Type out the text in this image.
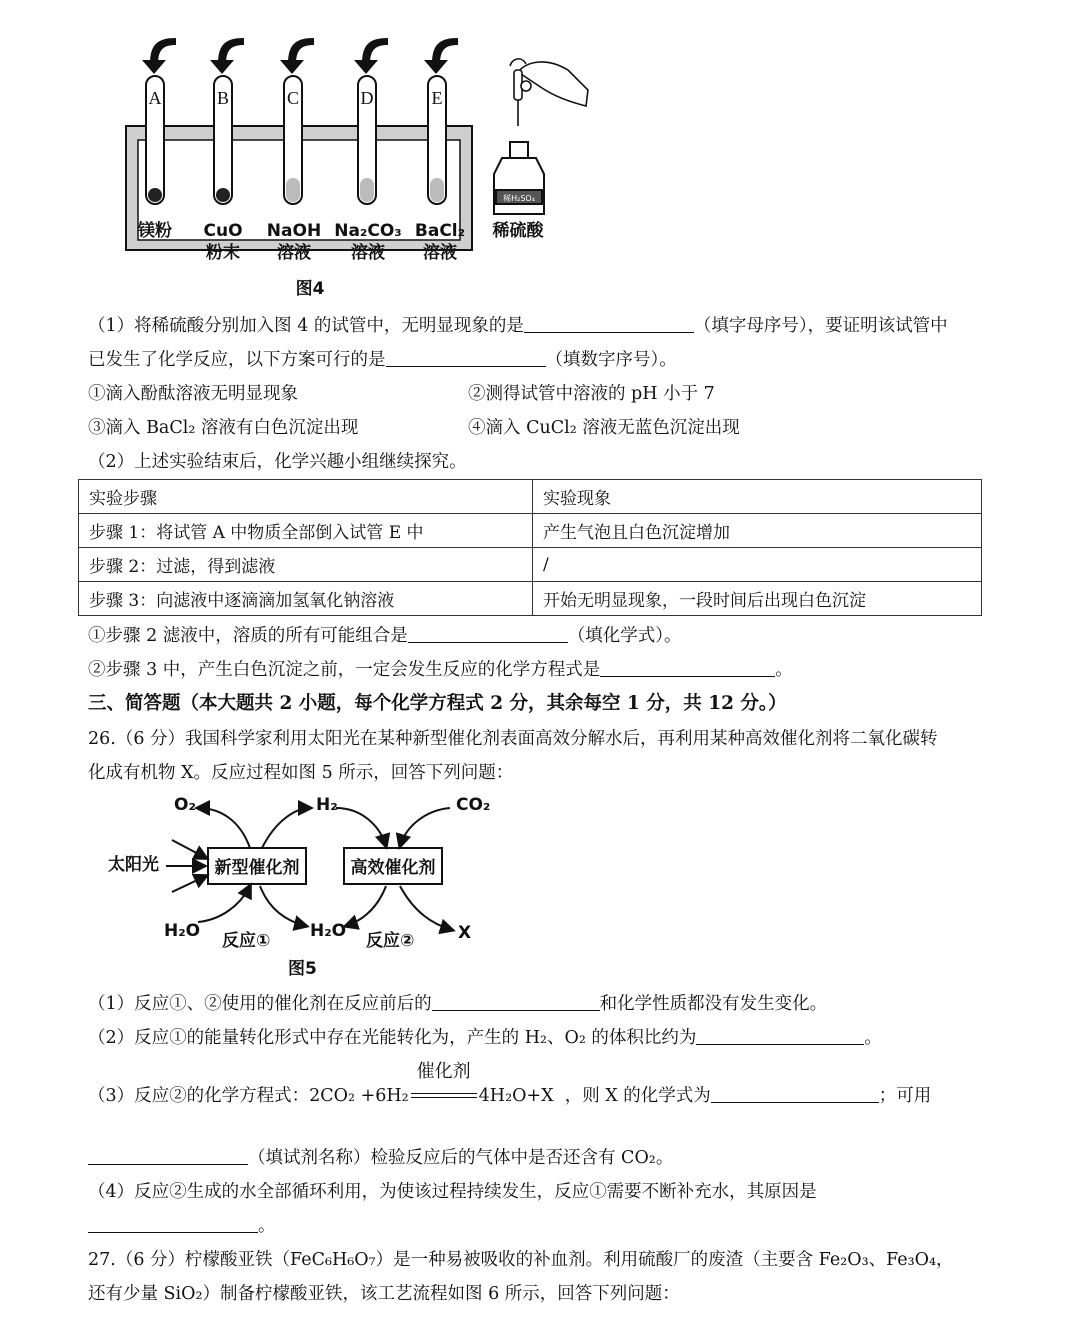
A	B	C	D	E
镁粉 CuO
粉末
NaOH
溶液
Na₂CO₃
溶液
BaCl₂
溶液
稀硫酸
图4
稀H₂SO₄
（1）将稀硫酸分别加入图 4 的试管中，无明显现象的是	（填字母序号），要证明该试管中
已发生了化学反应，以下方案可行的是	（填数字序号）。
①滴入酚酞溶液无明显现象	②测得试管中溶液的 pH 小于 7
③滴入 BaCl₂ 溶液有白色沉淀出现	④滴入 CuCl₂ 溶液无蓝色沉淀出现
（2）上述实验结束后，化学兴趣小组继续探究。
实验步骤	实验现象
步骤 1：将试管 A 中物质全部倒入试管 E 中	产生气泡且白色沉淀增加
步骤 2：过滤，得到滤液	/
步骤 3：向滤液中逐滴滴加氢氧化钠溶液	开始无明显现象，一段时间后出现白色沉淀
①步骤 2 滤液中，溶质的所有可能组合是	（填化学式）。
②步骤 3 中，产生白色沉淀之前，一定会发生反应的化学方程式是	。
三、简答题（本大题共 2 小题，每个化学方程式 2 分，其余每空 1 分，共 12 分。）
26.（6 分）我国科学家利用太阳光在某种新型催化剂表面高效分解水后，再利用某种高效催化剂将二氧化碳转
化成有机物 X。反应过程如图 5 所示，回答下列问题：
O₂	H₂	CO₂
太阳光
H₂O 反应① H₂O 反应②	X
图5
新型催化剂	高效催化剂
（1）反应①、②使用的催化剂在反应前后的	和化学性质都没有发生变化。
（2）反应①的能量转化形式中存在光能转化为，产生的 H₂、O₂ 的体积比约为	。
（3）反应②的化学方程式：2CO₂ +6H₂
催化剂
4H₂O+X ，则 X 的化学式为	；可用
（填试剂名称）检验反应后的气体中是否还含有 CO₂。
（4）反应②生成的水全部循环利用，为使该过程持续发生，反应①需要不断补充水，其原因是
。
27.（6 分）柠檬酸亚铁（FeC₆H₆O₇）是一种易被吸收的补血剂。利用硫酸厂的废渣（主要含 Fe₂O₃、Fe₃O₄，
还有少量 SiO₂）制备柠檬酸亚铁，该工艺流程如图 6 所示，回答下列问题：
